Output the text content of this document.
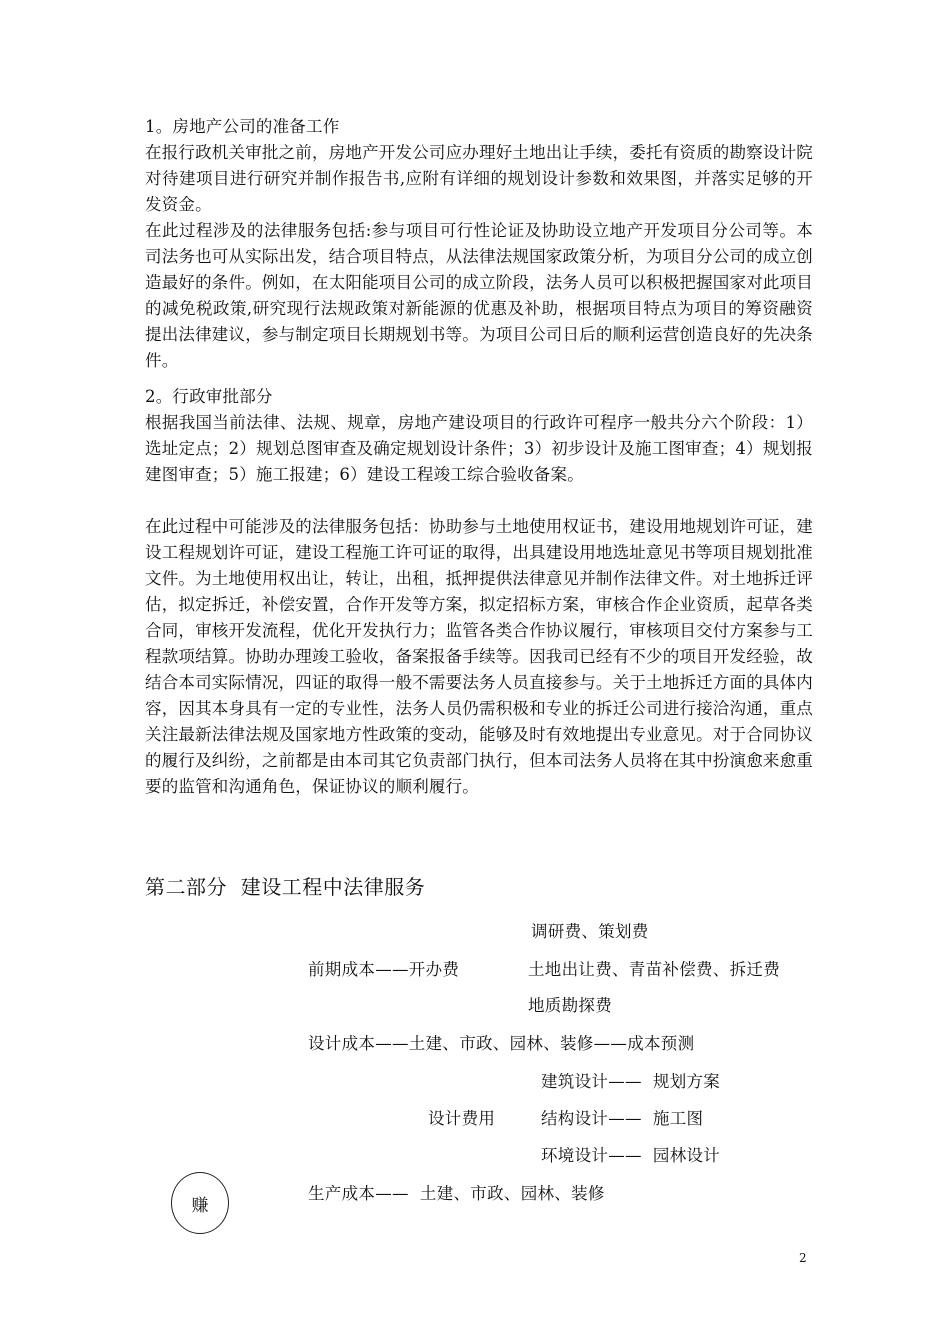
1。房地产公司的准备工作

在报行政机关审批之前，房地产开发公司应办理好土地出让手续，委托有资质的勘察设计院对待建项目进行研究并制作报告书,应附有详细的规划设计参数和效果图，并落实足够的开发资金。

在此过程涉及的法律服务包括:参与项目可行性论证及协助设立地产开发项目分公司等。本司法务也可从实际出发，结合项目特点，从法律法规国家政策分析，为项目分公司的成立创造最好的条件。例如，在太阳能项目公司的成立阶段，法务人员可以积极把握国家对此项目的减免税政策,研究现行法规政策对新能源的优惠及补助，根据项目特点为项目的筹资融资提出法律建议，参与制定项目长期规划书等。为项目公司日后的顺利运营创造良好的先决条件。

2。行政审批部分

根据我国当前法律、法规、规章，房地产建设项目的行政许可程序一般共分六个阶段：1）选址定点；2）规划总图审查及确定规划设计条件；3）初步设计及施工图审查；4）规划报建图审查；5）施工报建；6）建设工程竣工综合验收备案。

在此过程中可能涉及的法律服务包括：协助参与土地使用权证书，建设用地规划许可证，建设工程规划许可证，建设工程施工许可证的取得，出具建设用地选址意见书等项目规划批准文件。为土地使用权出让，转让，出租，抵押提供法律意见并制作法律文件。对土地拆迁评估，拟定拆迁，补偿安置，合作开发等方案，拟定招标方案，审核合作企业资质，起草各类合同，审核开发流程，优化开发执行力；监管各类合作协议履行，审核项目交付方案参与工程款项结算。协助办理竣工验收，备案报备手续等。因我司已经有不少的项目开发经验，故结合本司实际情况，四证的取得一般不需要法务人员直接参与。关于土地拆迁方面的具体内容，因其本身具有一定的专业性，法务人员仍需积极和专业的拆迁公司进行接洽沟通，重点关注最新法律法规及国家地方性政策的变动，能够及时有效地提出专业意见。对于合同协议的履行及纠纷，之前都是由本司其它负责部门执行，但本司法务人员将在其中扮演愈来愈重要的监管和沟通角色，保证协议的顺利履行。

第二部分  建设工程中法律服务
调研费、策划费
前期成本——开办费	土地出让费、青苗补偿费、拆迁费
地质勘探费
设计成本——土建、市政、园林、装修——成本预测
建筑设计——  规划方案
设计费用	结构设计——  施工图
环境设计——  园林设计
生产成本——  土建、市政、园林、装修
赚
2
